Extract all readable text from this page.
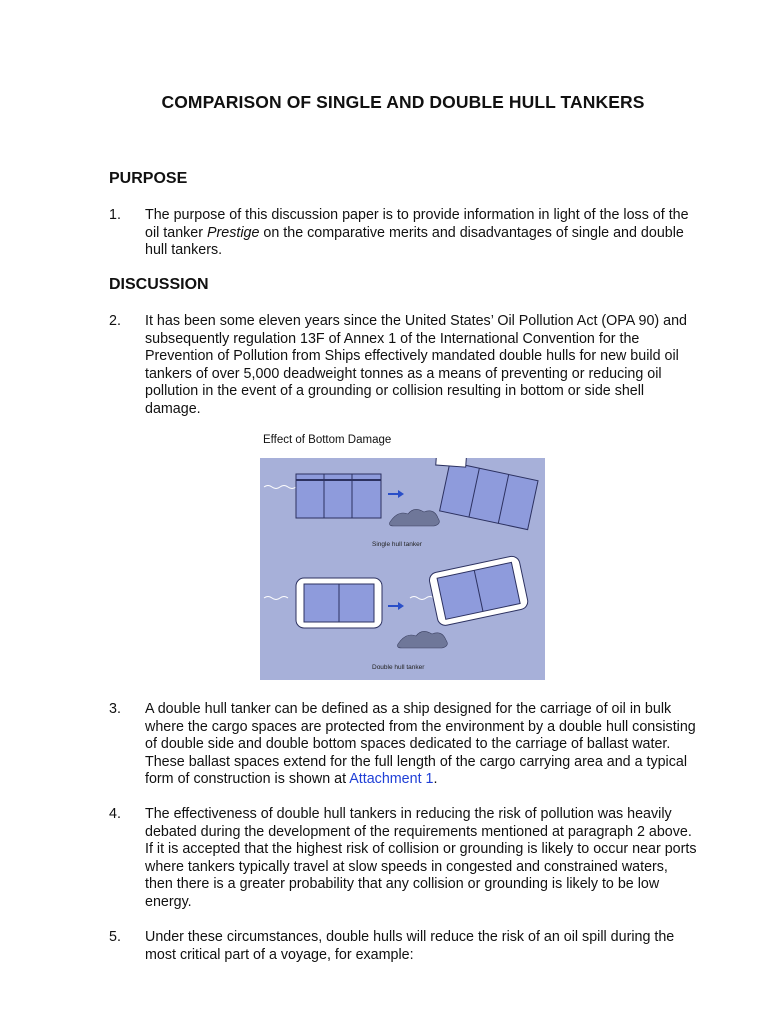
COMPARISON OF SINGLE AND DOUBLE HULL TANKERS
PURPOSE
1. The purpose of this discussion paper is to provide information in light of the loss of the oil tanker Prestige on the comparative merits and disadvantages of single and double hull tankers.
DISCUSSION
2. It has been some eleven years since the United States’ Oil Pollution Act (OPA 90) and subsequently regulation 13F of Annex 1 of the International Convention for the Prevention of Pollution from Ships effectively mandated double hulls for new build oil tankers of over 5,000 deadweight tonnes as a means of preventing or reducing oil pollution in the event of a grounding or collision resulting in bottom or side shell damage.
Effect of Bottom Damage
Single hull tanker
Double hull tanker
3. A double hull tanker can be defined as a ship designed for the carriage of oil in bulk where the cargo spaces are protected from the environment by a double hull consisting of double side and double bottom spaces dedicated to the carriage of ballast water. These ballast spaces extend for the full length of the cargo carrying area and a typical form of construction is shown at Attachment 1.
4. The effectiveness of double hull tankers in reducing the risk of pollution was heavily debated during the development of the requirements mentioned at paragraph 2 above. If it is accepted that the highest risk of collision or grounding is likely to occur near ports where tankers typically travel at slow speeds in congested and constrained waters, then there is a greater probability that any collision or grounding is likely to be low energy.
5. Under these circumstances, double hulls will reduce the risk of an oil spill during the most critical part of a voyage, for example:
